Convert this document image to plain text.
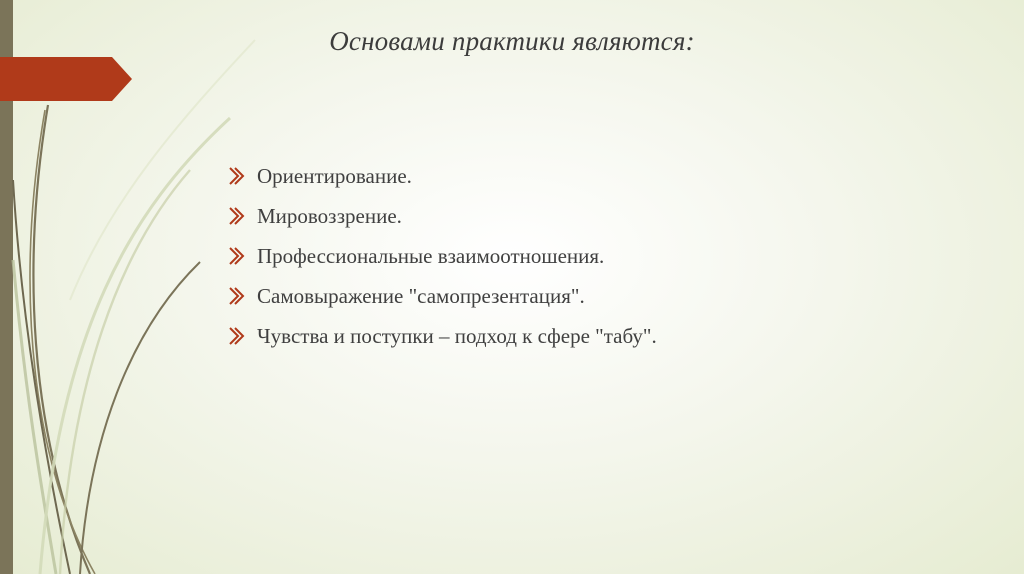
Основами практики являются:
Ориентирование.
Мировоззрение.
Профессиональные взаимоотношения.
Самовыражение "самопрезентация".
Чувства и поступки – подход к сфере "табу".
